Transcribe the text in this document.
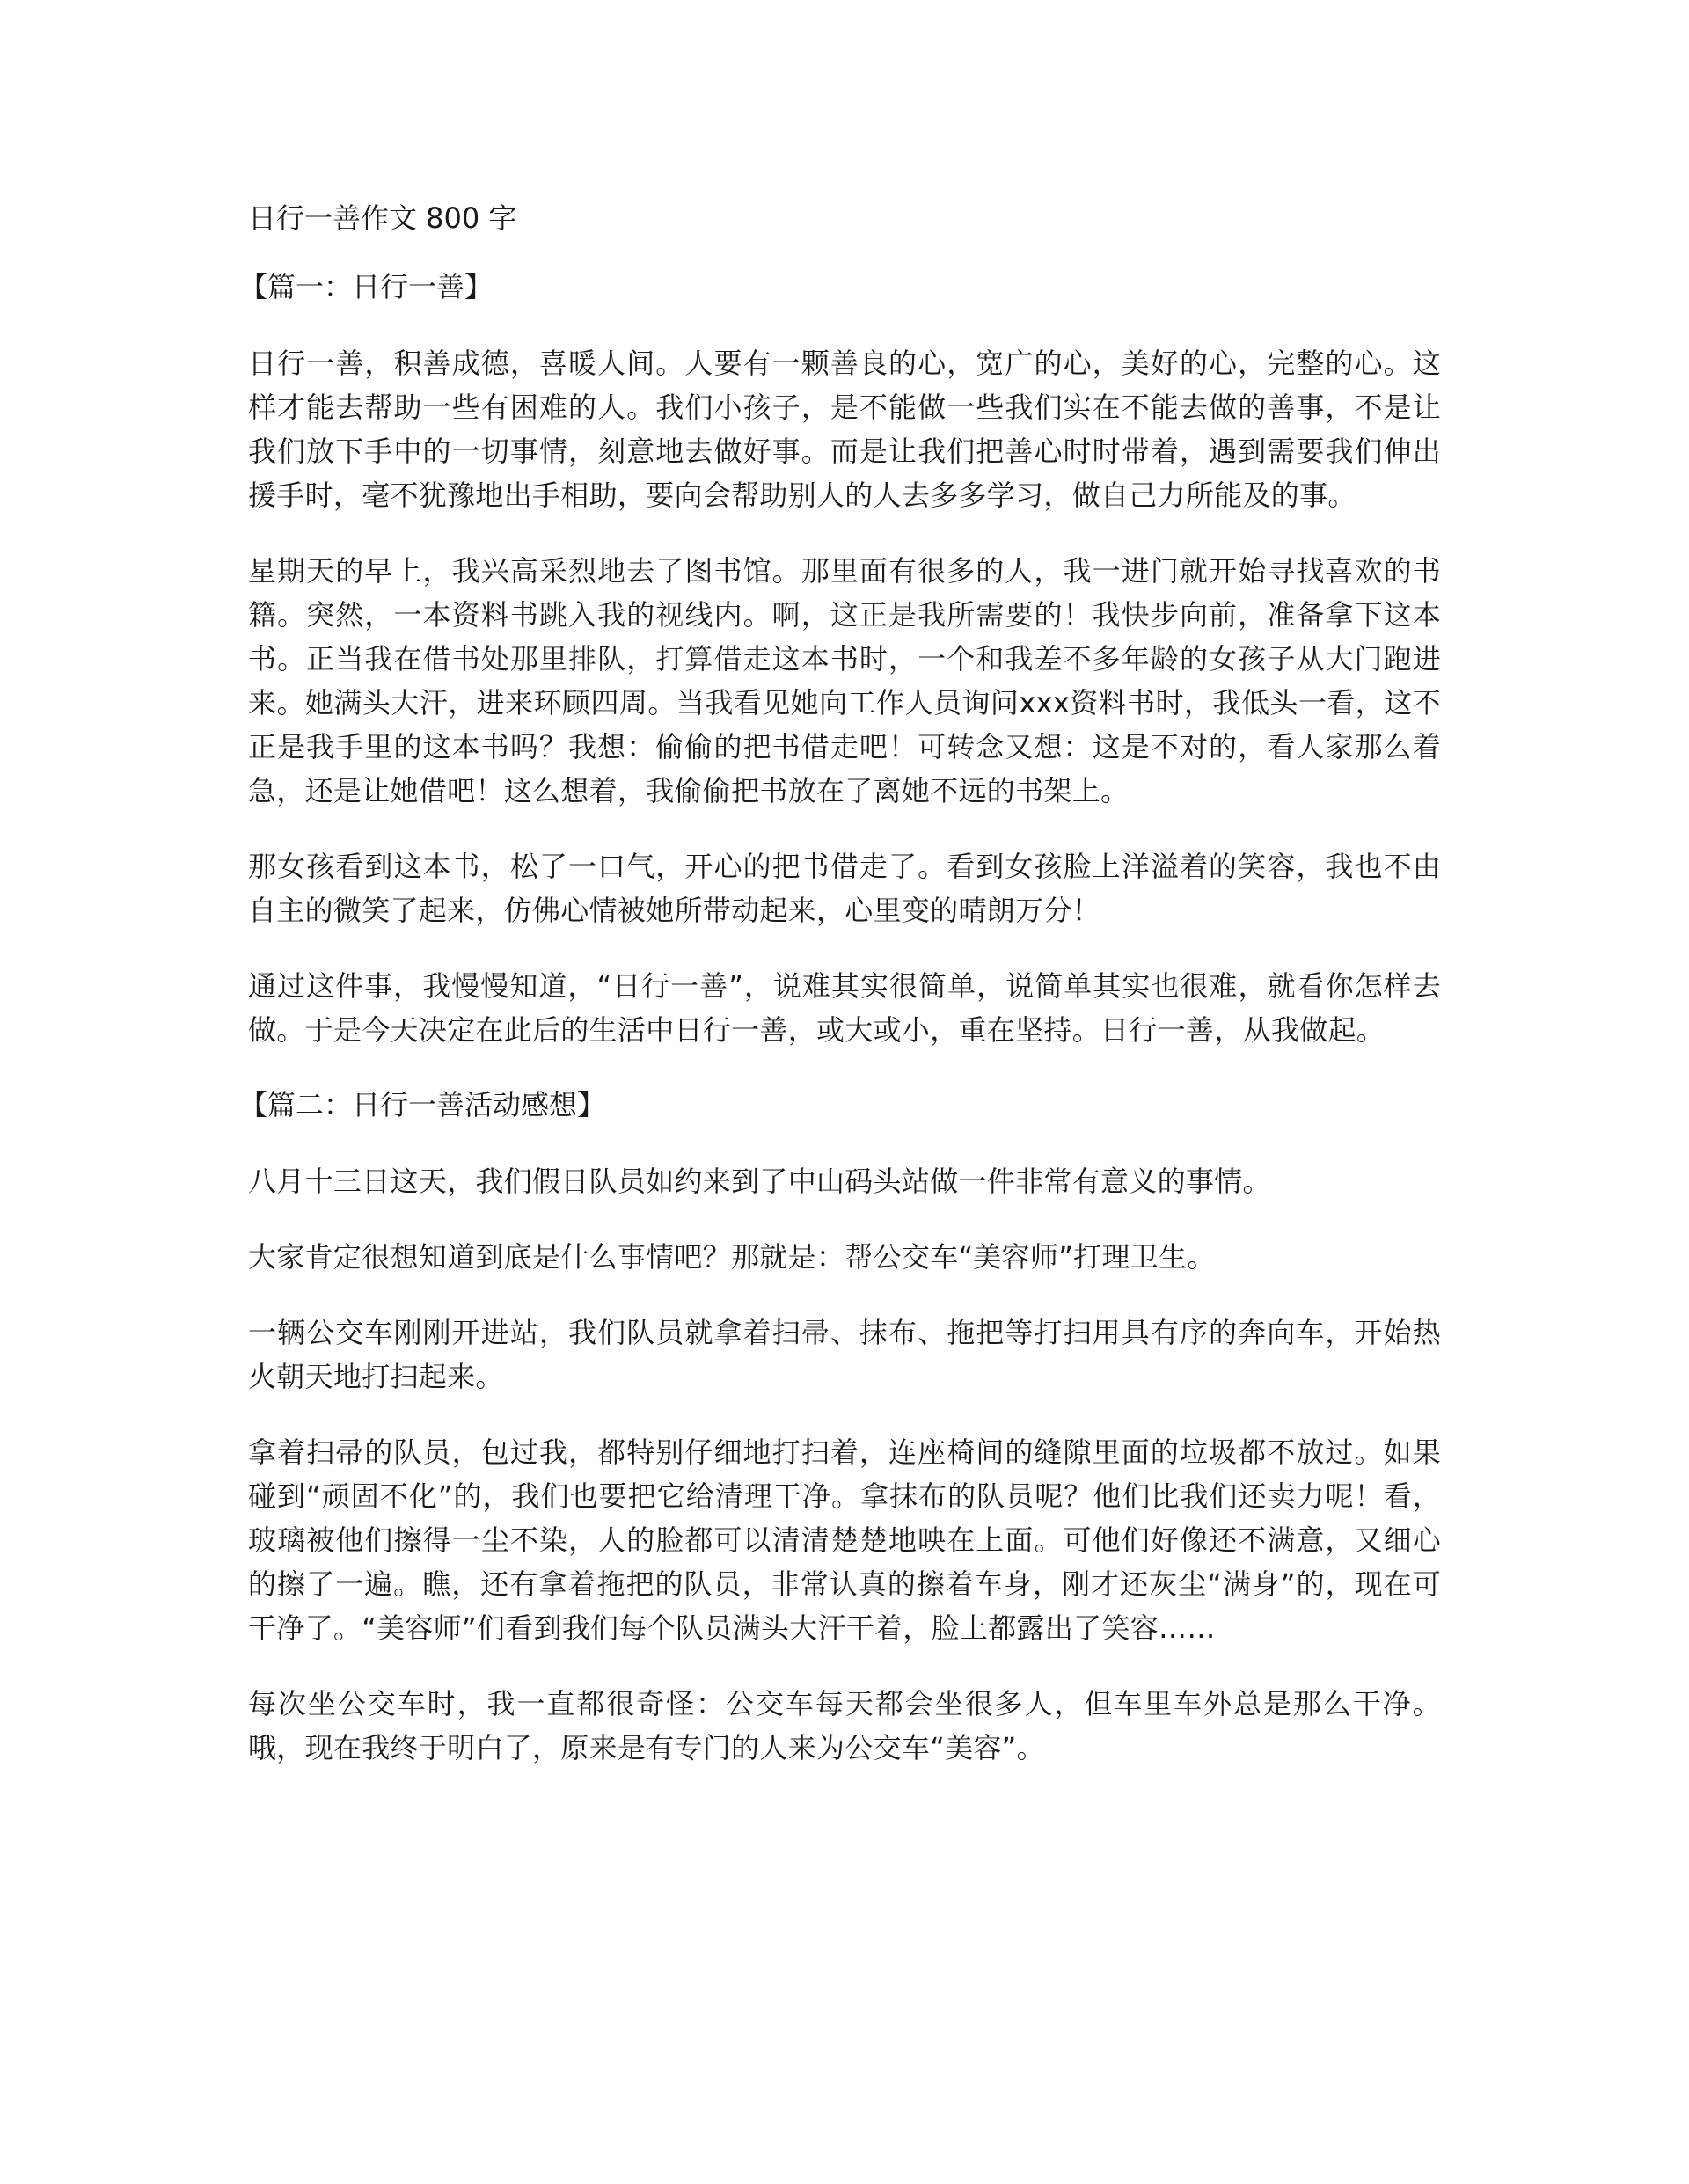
日行一善作文 800 字
【篇一：日行一善】

日行一善，积善成德，喜暖人间。人要有一颗善良的心，宽广的心，美好的心，完整的心。这样才能去帮助一些有困难的人。我们小孩子，是不能做一些我们实在不能去做的善事，不是让我们放下手中的一切事情，刻意地去做好事。而是让我们把善心时时带着，遇到需要我们伸出援手时，毫不犹豫地出手相助，要向会帮助别人的人去多多学习，做自己力所能及的事。

星期天的早上，我兴高采烈地去了图书馆。那里面有很多的人，我一进门就开始寻找喜欢的书籍。突然，一本资料书跳入我的视线内。啊，这正是我所需要的！我快步向前，准备拿下这本书。正当我在借书处那里排队，打算借走这本书时，一个和我差不多年龄的女孩子从大门跑进来。她满头大汗，进来环顾四周。当我看见她向工作人员询问xxx资料书时，我低头一看，这不正是我手里的这本书吗？我想：偷偷的把书借走吧！可转念又想：这是不对的，看人家那么着急，还是让她借吧！这么想着，我偷偷把书放在了离她不远的书架上。

那女孩看到这本书，松了一口气，开心的把书借走了。看到女孩脸上洋溢着的笑容，我也不由自主的微笑了起来，仿佛心情被她所带动起来，心里变的晴朗万分！

通过这件事，我慢慢知道，“日行一善”，说难其实很简单，说简单其实也很难，就看你怎样去做。于是今天决定在此后的生活中日行一善，或大或小，重在坚持。日行一善，从我做起。

【篇二：日行一善活动感想】

八月十三日这天，我们假日队员如约来到了中山码头站做一件非常有意义的事情。

大家肯定很想知道到底是什么事情吧？那就是：帮公交车“美容师”打理卫生。

一辆公交车刚刚开进站，我们队员就拿着扫帚、抹布、拖把等打扫用具有序的奔向车，开始热火朝天地打扫起来。

拿着扫帚的队员，包过我，都特别仔细地打扫着，连座椅间的缝隙里面的垃圾都不放过。如果碰到“顽固不化”的，我们也要把它给清理干净。拿抹布的队员呢？他们比我们还卖力呢！看，玻璃被他们擦得一尘不染，人的脸都可以清清楚楚地映在上面。可他们好像还不满意，又细心的擦了一遍。瞧，还有拿着拖把的队员，非常认真的擦着车身，刚才还灰尘“满身”的，现在可干净了。“美容师”们看到我们每个队员满头大汗干着，脸上都露出了笑容……

每次坐公交车时，我一直都很奇怪：公交车每天都会坐很多人，但车里车外总是那么干净。哦，现在我终于明白了，原来是有专门的人来为公交车“美容”。
